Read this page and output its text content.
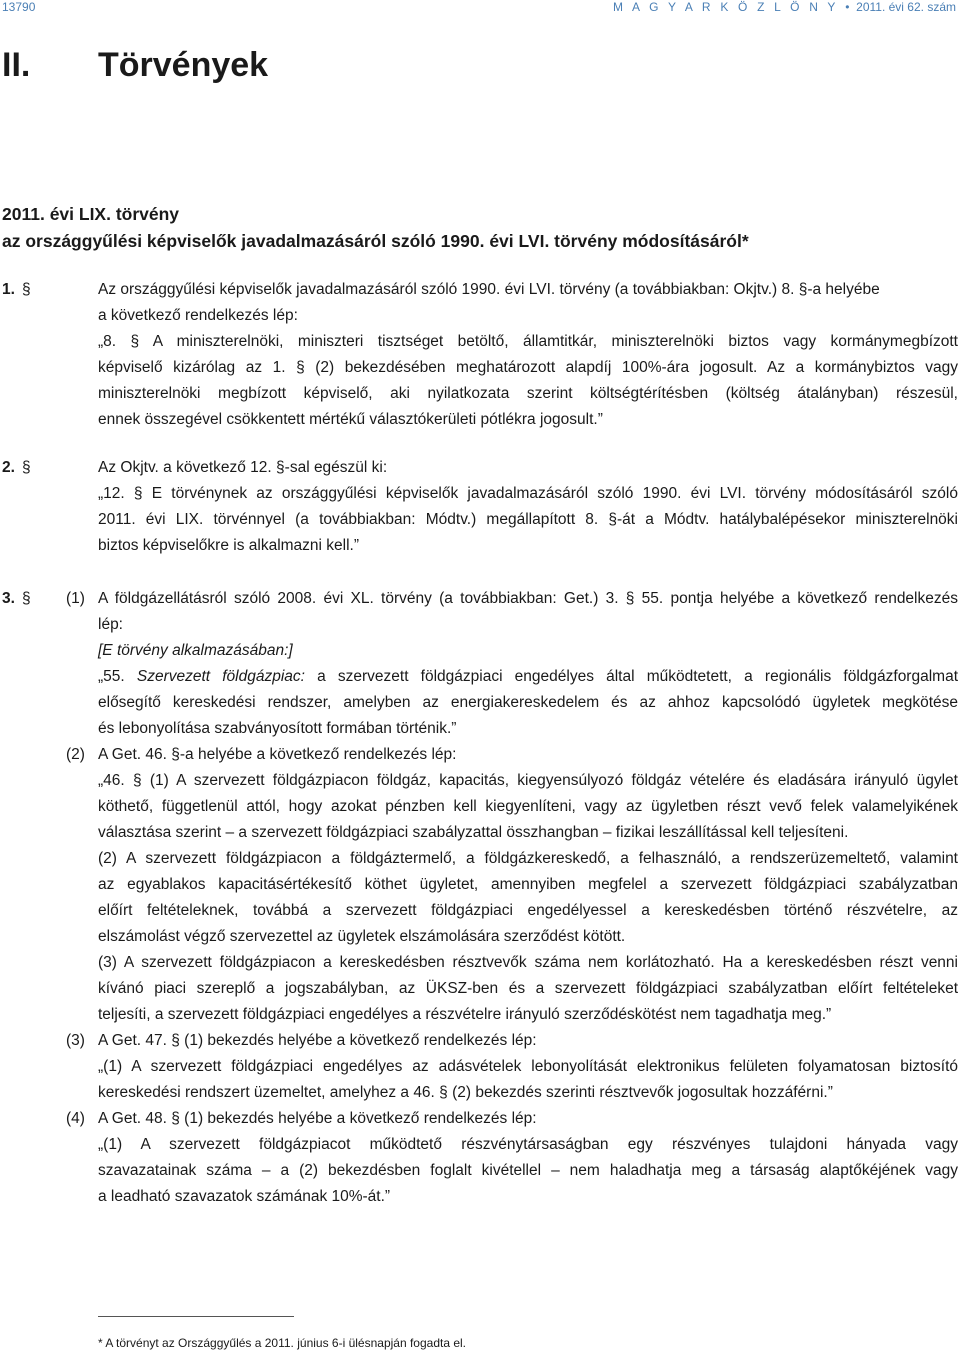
13790	M A G Y A R K Ö Z L Ö N Y • 2011. évi 62. szám
II. Törvények
2011. évi LIX. törvény
az országgyűlési képviselők javadalmazásáról szóló 1990. évi LVI. törvény módosításáról*
1. §	Az országgyűlési képviselők javadalmazásáról szóló 1990. évi LVI. törvény (a továbbiakban: Okjtv.) 8. §-a helyébe
a következő rendelkezés lép:
„8. § A miniszterelnöki, miniszteri tisztséget betöltő, államtitkár, miniszterelnöki biztos vagy kormánymegbízott
képviselő kizárólag az 1. § (2) bekezdésében meghatározott alapdíj 100%-ára jogosult. Az a kormánybiztos vagy
miniszterelnöki megbízott képviselő, aki nyilatkozata szerint költségtérítésben (költség átalányban) részesül,
ennek összegével csökkentett mértékű választókerületi pótlékra jogosult.”
2. §	Az Okjtv. a következő 12. §-sal egészül ki:
„12. § E törvénynek az országgyűlési képviselők javadalmazásáról szóló 1990. évi LVI. törvény módosításáról szóló
2011. évi LIX. törvénnyel (a továbbiakban: Módtv.) megállapított 8. §-át a Módtv. hatálybalépésekor miniszterelnöki
biztos képviselőkre is alkalmazni kell.”
3. § (1) A földgázellátásról szóló 2008. évi XL. törvény (a továbbiakban: Get.) 3. § 55. pontja helyébe a következő rendelkezés
lép:
[E törvény alkalmazásában:]
„55. Szervezett földgázpiac: a szervezett földgázpiaci engedélyes által működtetett, a regionális földgázforgalmat
elősegítő kereskedési rendszer, amelyben az energiakereskedelem és az ahhoz kapcsolódó ügyletek megkötése
és lebonyolítása szabványosított formában történik.”
(2) A Get. 46. §-a helyébe a következő rendelkezés lép:
„46. § (1) A szervezett földgázpiacon földgáz, kapacitás, kiegyensúlyozó földgáz vételére és eladására irányuló ügylet
köthető, függetlenül attól, hogy azokat pénzben kell kiegyenlíteni, vagy az ügyletben részt vevő felek valamelyikének
választása szerint – a szervezett földgázpiaci szabályzattal összhangban – fizikai leszállítással kell teljesíteni.
(2) A szervezett földgázpiacon a földgáztermelő, a földgázkereskedő, a felhasználó, a rendszerüzemeltető, valamint
az egyablakos kapacitásértékesítő köthet ügyletet, amennyiben megfelel a szervezett földgázpiaci szabályzatban
előírt feltételeknek, továbbá a szervezett földgázpiaci engedélyessel a kereskedésben történő részvételre, az
elszámolást végző szervezettel az ügyletek elszámolására szerződést kötött.
(3) A szervezett földgázpiacon a kereskedésben résztvevők száma nem korlátozható. Ha a kereskedésben részt venni
kívánó piaci szereplő a jogszabályban, az ÜKSZ-ben és a szervezett földgázpiaci szabályzatban előírt feltételeket
teljesíti, a szervezett földgázpiaci engedélyes a részvételre irányuló szerződéskötést nem tagadhatja meg.”
(3) A Get. 47. § (1) bekezdés helyébe a következő rendelkezés lép:
„(1) A szervezett földgázpiaci engedélyes az adásvételek lebonyolítását elektronikus felületen folyamatosan biztosító
kereskedési rendszert üzemeltet, amelyhez a 46. § (2) bekezdés szerinti résztvevők jogosultak hozzáférni.”
(4) A Get. 48. § (1) bekezdés helyébe a következő rendelkezés lép:
„(1) A szervezett földgázpiacot működtető részvénytársaságban egy részvényes tulajdoni hányada vagy
szavazatainak száma – a (2) bekezdésben foglalt kivétellel – nem haladhatja meg a társaság alaptőkéjének vagy
a leadható szavazatok számának 10%-át.”
* A törvényt az Országgyűlés a 2011. június 6-i ülésnapján fogadta el.
